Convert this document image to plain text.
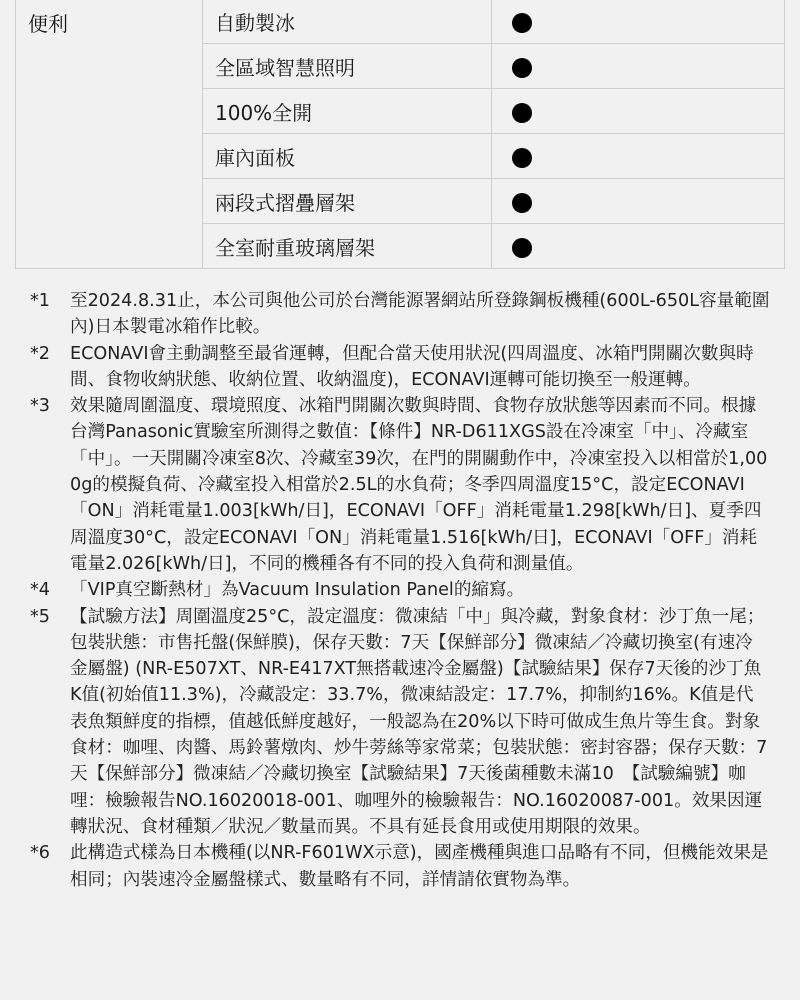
便利	自動製冰	
	全區域智慧照明	
	100%全開	
	庫內面板	
	兩段式摺疊層架	
	全室耐重玻璃層架	
*1	至2024.8.31止，本公司與他公司於台灣能源署網站所登錄鋼板機種(600L-650L容量範圍內)日本製電冰箱作比較。
*2	ECONAVI會主動調整至最省運轉，但配合當天使用狀況(四周溫度、冰箱門開關次數與時間、食物收納狀態、收納位置、收納溫度)，ECONAVI運轉可能切換至一般運轉。
*3	效果隨周圍溫度、環境照度、冰箱門開關次數與時間、食物存放狀態等因素而不同。根據台灣Panasonic實驗室所測得之數值：【條件】NR-D611XGS設在冷凍室「中」、冷藏室「中」。一天開關冷凍室8次、冷藏室39次，在門的開關動作中，冷凍室投入以相當於1,000g的模擬負荷、冷藏室投入相當於2.5L的水負荷；冬季四周溫度15°C，設定ECONAVI「ON」消耗電量1.003[kWh/日]，ECONAVI「OFF」消耗電量1.298[kWh/日]、夏季四周溫度30°C，設定ECONAVI「ON」消耗電量1.516[kWh/日]，ECONAVI「OFF」消耗電量2.026[kWh/日]，不同的機種各有不同的投入負荷和測量值。
*4	「VIP真空斷熱材」為Vacuum Insulation Panel的縮寫。
*5	【試驗方法】周圍溫度25°C，設定溫度：微凍結「中」與冷藏，對象食材：沙丁魚一尾；包裝狀態：市售托盤(保鮮膜)，保存天數：7天【保鮮部分】微凍結／冷藏切換室(有速冷金屬盤) (NR-E507XT、NR-E417XT無搭載速冷金屬盤)【試驗結果】保存7天後的沙丁魚K值(初始值11.3%)，冷藏設定：33.7%，微凍結設定：17.7%，抑制約16%。K值是代表魚類鮮度的指標，值越低鮮度越好，一般認為在20%以下時可做成生魚片等生食。對象食材：咖哩、肉醬、馬鈴薯燉肉、炒牛蒡絲等家常菜；包裝狀態：密封容器；保存天數：7天【保鮮部分】微凍結／冷藏切換室【試驗結果】7天後菌種數未滿10　【試驗編號】咖哩：檢驗報告NO.16020018-001、咖哩外的檢驗報告：NO.16020087-001。效果因運轉狀況、食材種類／狀況／數量而異。不具有延長食用或使用期限的效果。
*6	此構造式樣為日本機種(以NR-F601WX示意)，國產機種與進口品略有不同，但機能效果是相同；內裝速冷金屬盤樣式、數量略有不同，詳情請依實物為準。
